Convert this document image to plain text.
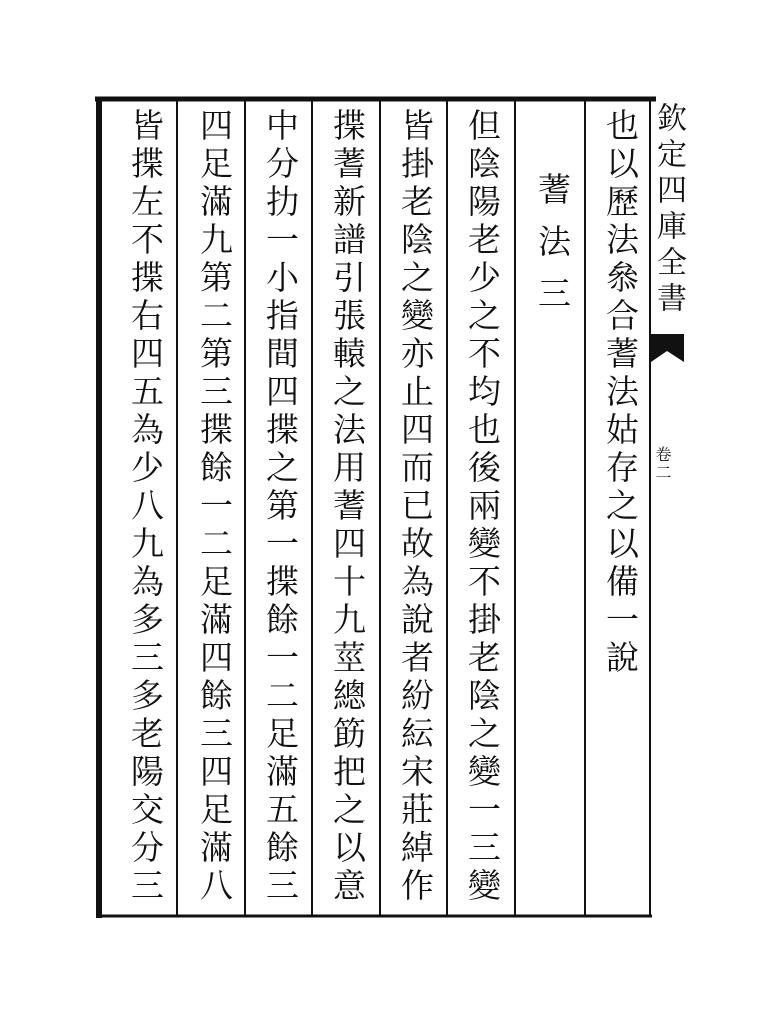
欽定四庫全書
卷二
也以歷法叅合蓍法姑存之以備一說
蓍法三
但陰陽老少之不均也後兩變不掛老陰之變一三變
皆掛老陰之變亦止四而已故為說者紛紜宋莊綽作
揲蓍新譜引張轅之法用蓍四十九莖總筯把之以意
中分扐一小指間四揲之第一揲餘一二足滿五餘三
四足滿九第二第三揲餘一二足滿四餘三四足滿八
皆揲左不揲右四五為少八九為多三多老陽交分三
